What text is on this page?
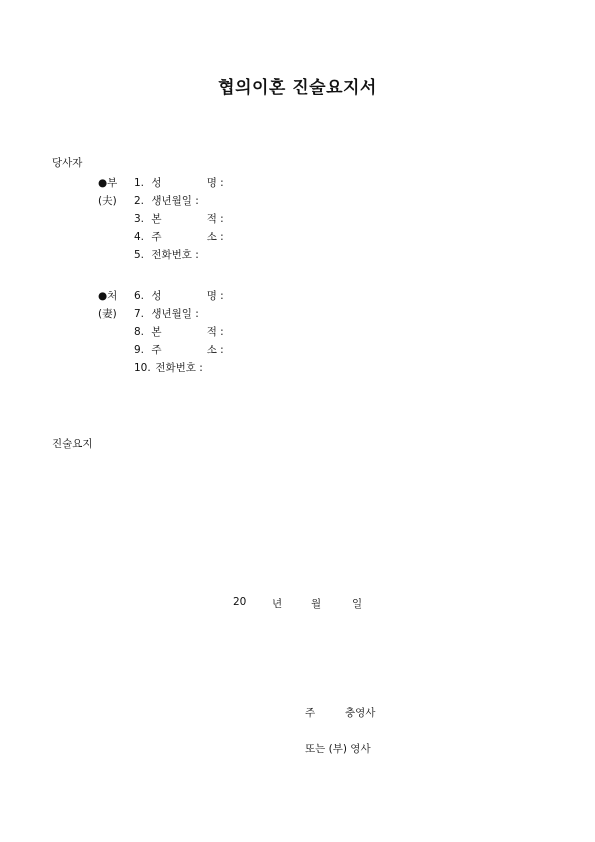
협의이혼 진술요지서
당사자
●부
(夫)
1. 성	명 :
2. 생년월일 :
3. 본	적 :
4. 주	소 :
5. 전화번호 :
●처
(妻)
6. 성	명 :
7. 생년월일 :
8. 본	적 :
9. 주	소 :
10. 전화번호 :
진술요지
20 년	월	일
주	충영사
또는 (부) 영사
